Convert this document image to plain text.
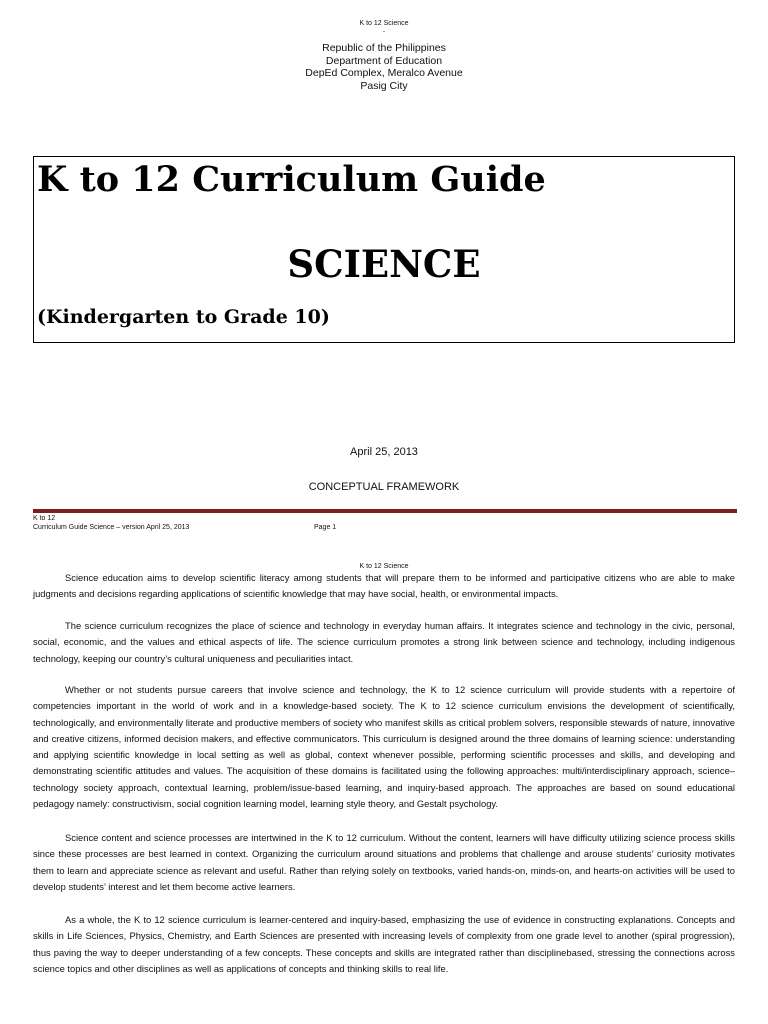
K to 12 Science
-
Republic of the Philippines
Department of Education
DepEd Complex, Meralco Avenue
Pasig City
K to 12 Curriculum Guide
SCIENCE
(Kindergarten to Grade 10)
April 25, 2013
CONCEPTUAL FRAMEWORK
K to 12
Curriculum Guide Science – version April 25, 2013	Page 1
K to 12 Science

Science education aims to develop scientific literacy among students that will prepare them to be informed and participative citizens who are able to make judgments and decisions regarding applications of scientific knowledge that may have social, health, or environmental impacts.

The science curriculum recognizes the place of science and technology in everyday human affairs. It integrates science and technology in the civic, personal, social, economic, and the values and ethical aspects of life. The science curriculum promotes a strong link between science and technology, including indigenous technology, keeping our country’s cultural uniqueness and peculiarities intact.

Whether or not students pursue careers that involve science and technology, the K to 12 science curriculum will provide students with a repertoire of competencies important in the world of work and in a knowledge-based society. The K to 12 science curriculum envisions the development of scientifically, technologically, and environmentally literate and productive members of society who manifest skills as critical problem solvers, responsible stewards of nature, innovative and creative citizens, informed decision makers, and effective communicators. This curriculum is designed around the three domains of learning science: understanding and applying scientific knowledge in local setting as well as global, context whenever possible, performing scientific processes and skills, and developing and demonstrating scientific attitudes and values. The acquisition of these domains is facilitated using the following approaches: multi/interdisciplinary approach, science–technology society approach, contextual learning, problem/issue-based learning, and inquiry-based approach. The approaches are based on sound educational pedagogy namely: constructivism, social cognition learning model, learning style theory, and Gestalt psychology.

Science content and science processes are intertwined in the K to 12 curriculum. Without the content, learners will have difficulty utilizing science process skills since these processes are best learned in context. Organizing the curriculum around situations and problems that challenge and arouse students’ curiosity motivates them to learn and appreciate science as relevant and useful. Rather than relying solely on textbooks, varied hands-on, minds-on, and hearts-on activities will be used to develop students’ interest and let them become active learners.

As a whole, the K to 12 science curriculum is learner-centered and inquiry-based, emphasizing the use of evidence in constructing explanations. Concepts and skills in Life Sciences, Physics, Chemistry, and Earth Sciences are presented with increasing levels of complexity from one grade level to another (spiral progression), thus paving the way to deeper understanding of a few concepts. These concepts and skills are integrated rather than disciplinebased, stressing the connections across science topics and other disciplines as well as applications of concepts and thinking skills to real life.
